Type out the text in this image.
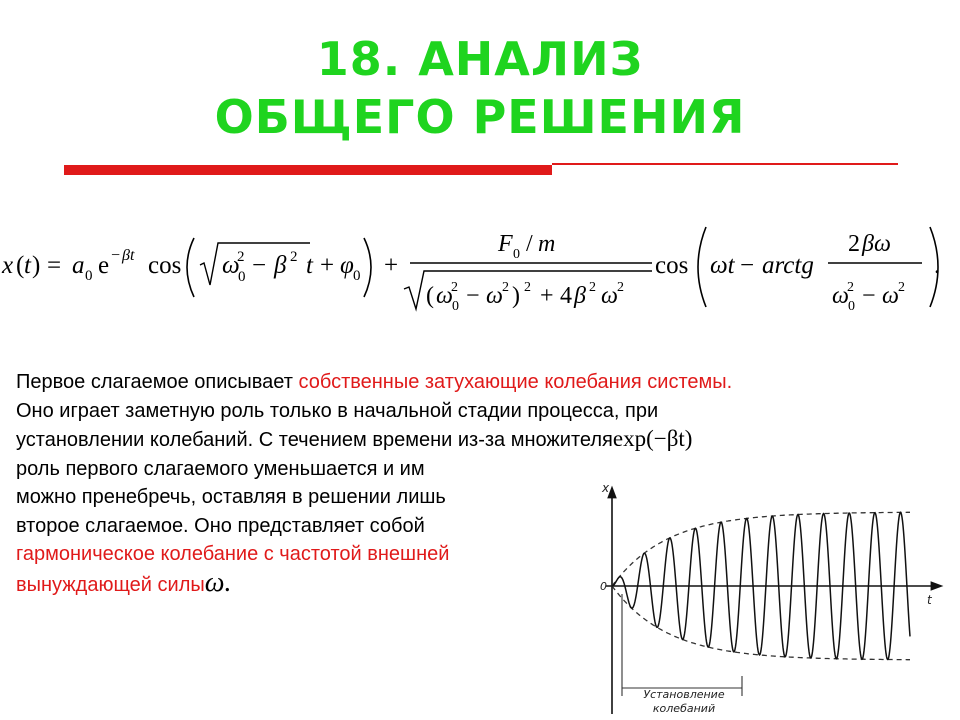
18. АНАЛИЗ
ОБЩЕГО РЕШЕНИЯ
x ( t ) = a 0 e − βt cos ω
2
0 − β 2 t + φ 0 +
F 0 / m
( ω
2
0 − ω 2 ) 2 + 4 β 2 ω 2
cos ωt − arctg
2 βω
ω
2
0 − ω 2
.
Первое слагаемое описывает собственные затухающие колебания системы.
Оно играет заметную роль только в начальной стадии процесса, при
установлении колебаний. С течением времени из-за множителяexp(−βt)
роль первого слагаемого уменьшается и им
можно пренебречь, оставляя в решении лишь
второе слагаемое. Оно представляет собой
гармоническое колебание с частотой внешней
вынуждающей силыω.
x
t
0
Установление
колебаний
